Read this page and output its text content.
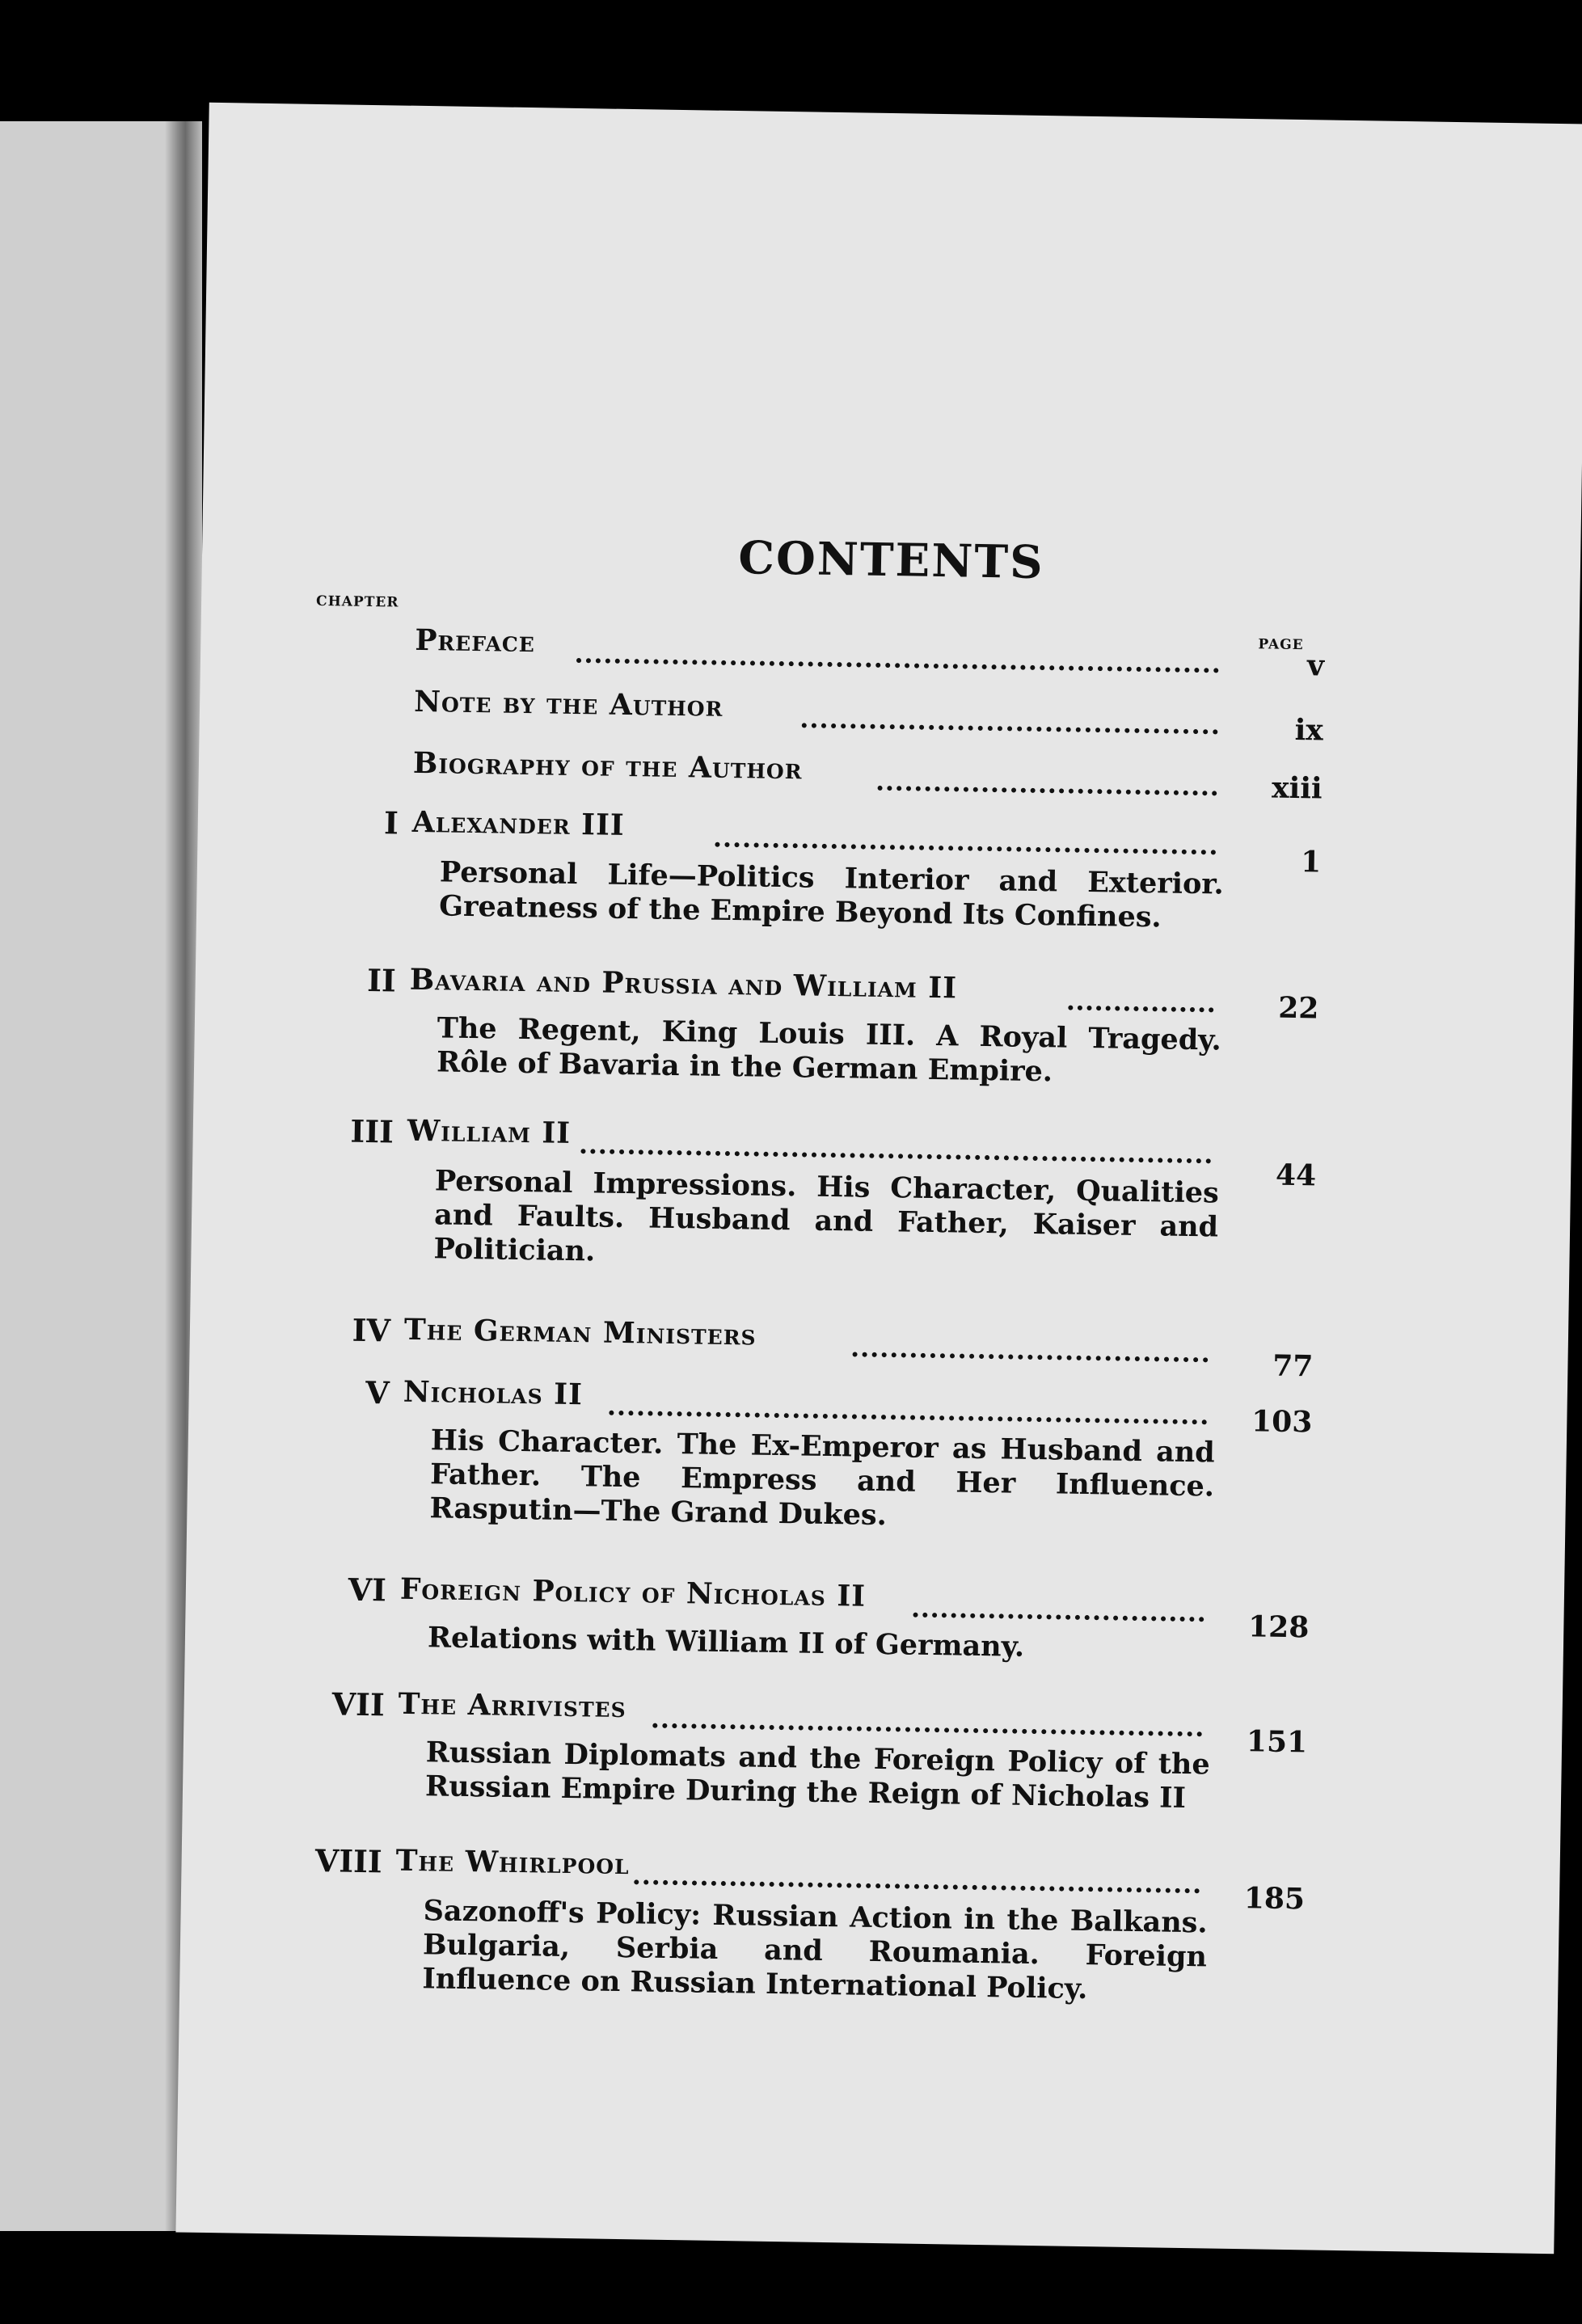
CONTENTS
CHAPTER
PAGE
Preface
v
Note by the Author
ix
Biography of the Author
xiii
I Alexander III
1
Personal Life—Politics Interior and Exterior. Greatness of the Empire Beyond Its Confines.
II Bavaria and Prussia and William II
22
The Regent, King Louis III. A Royal Tragedy. Rôle of Bavaria in the German Empire.
III William II
44
Personal Impressions. His Character, Qualities and Faults. Husband and Father, Kaiser and Politician.
IV The German Ministers
77
V Nicholas II
103
His Character. The Ex-Emperor as Husband and Father. The Empress and Her Influence. Rasputin—The Grand Dukes.
VI Foreign Policy of Nicholas II
128
Relations with William II of Germany.
VII The Arrivistes
151
Russian Diplomats and the Foreign Policy of the Russian Empire During the Reign of Nicholas II
VIII The Whirlpool
185
Sazonoff's Policy: Russian Action in the Balkans. Bulgaria, Serbia and Roumania. Foreign Influence on Russian International Policy.
